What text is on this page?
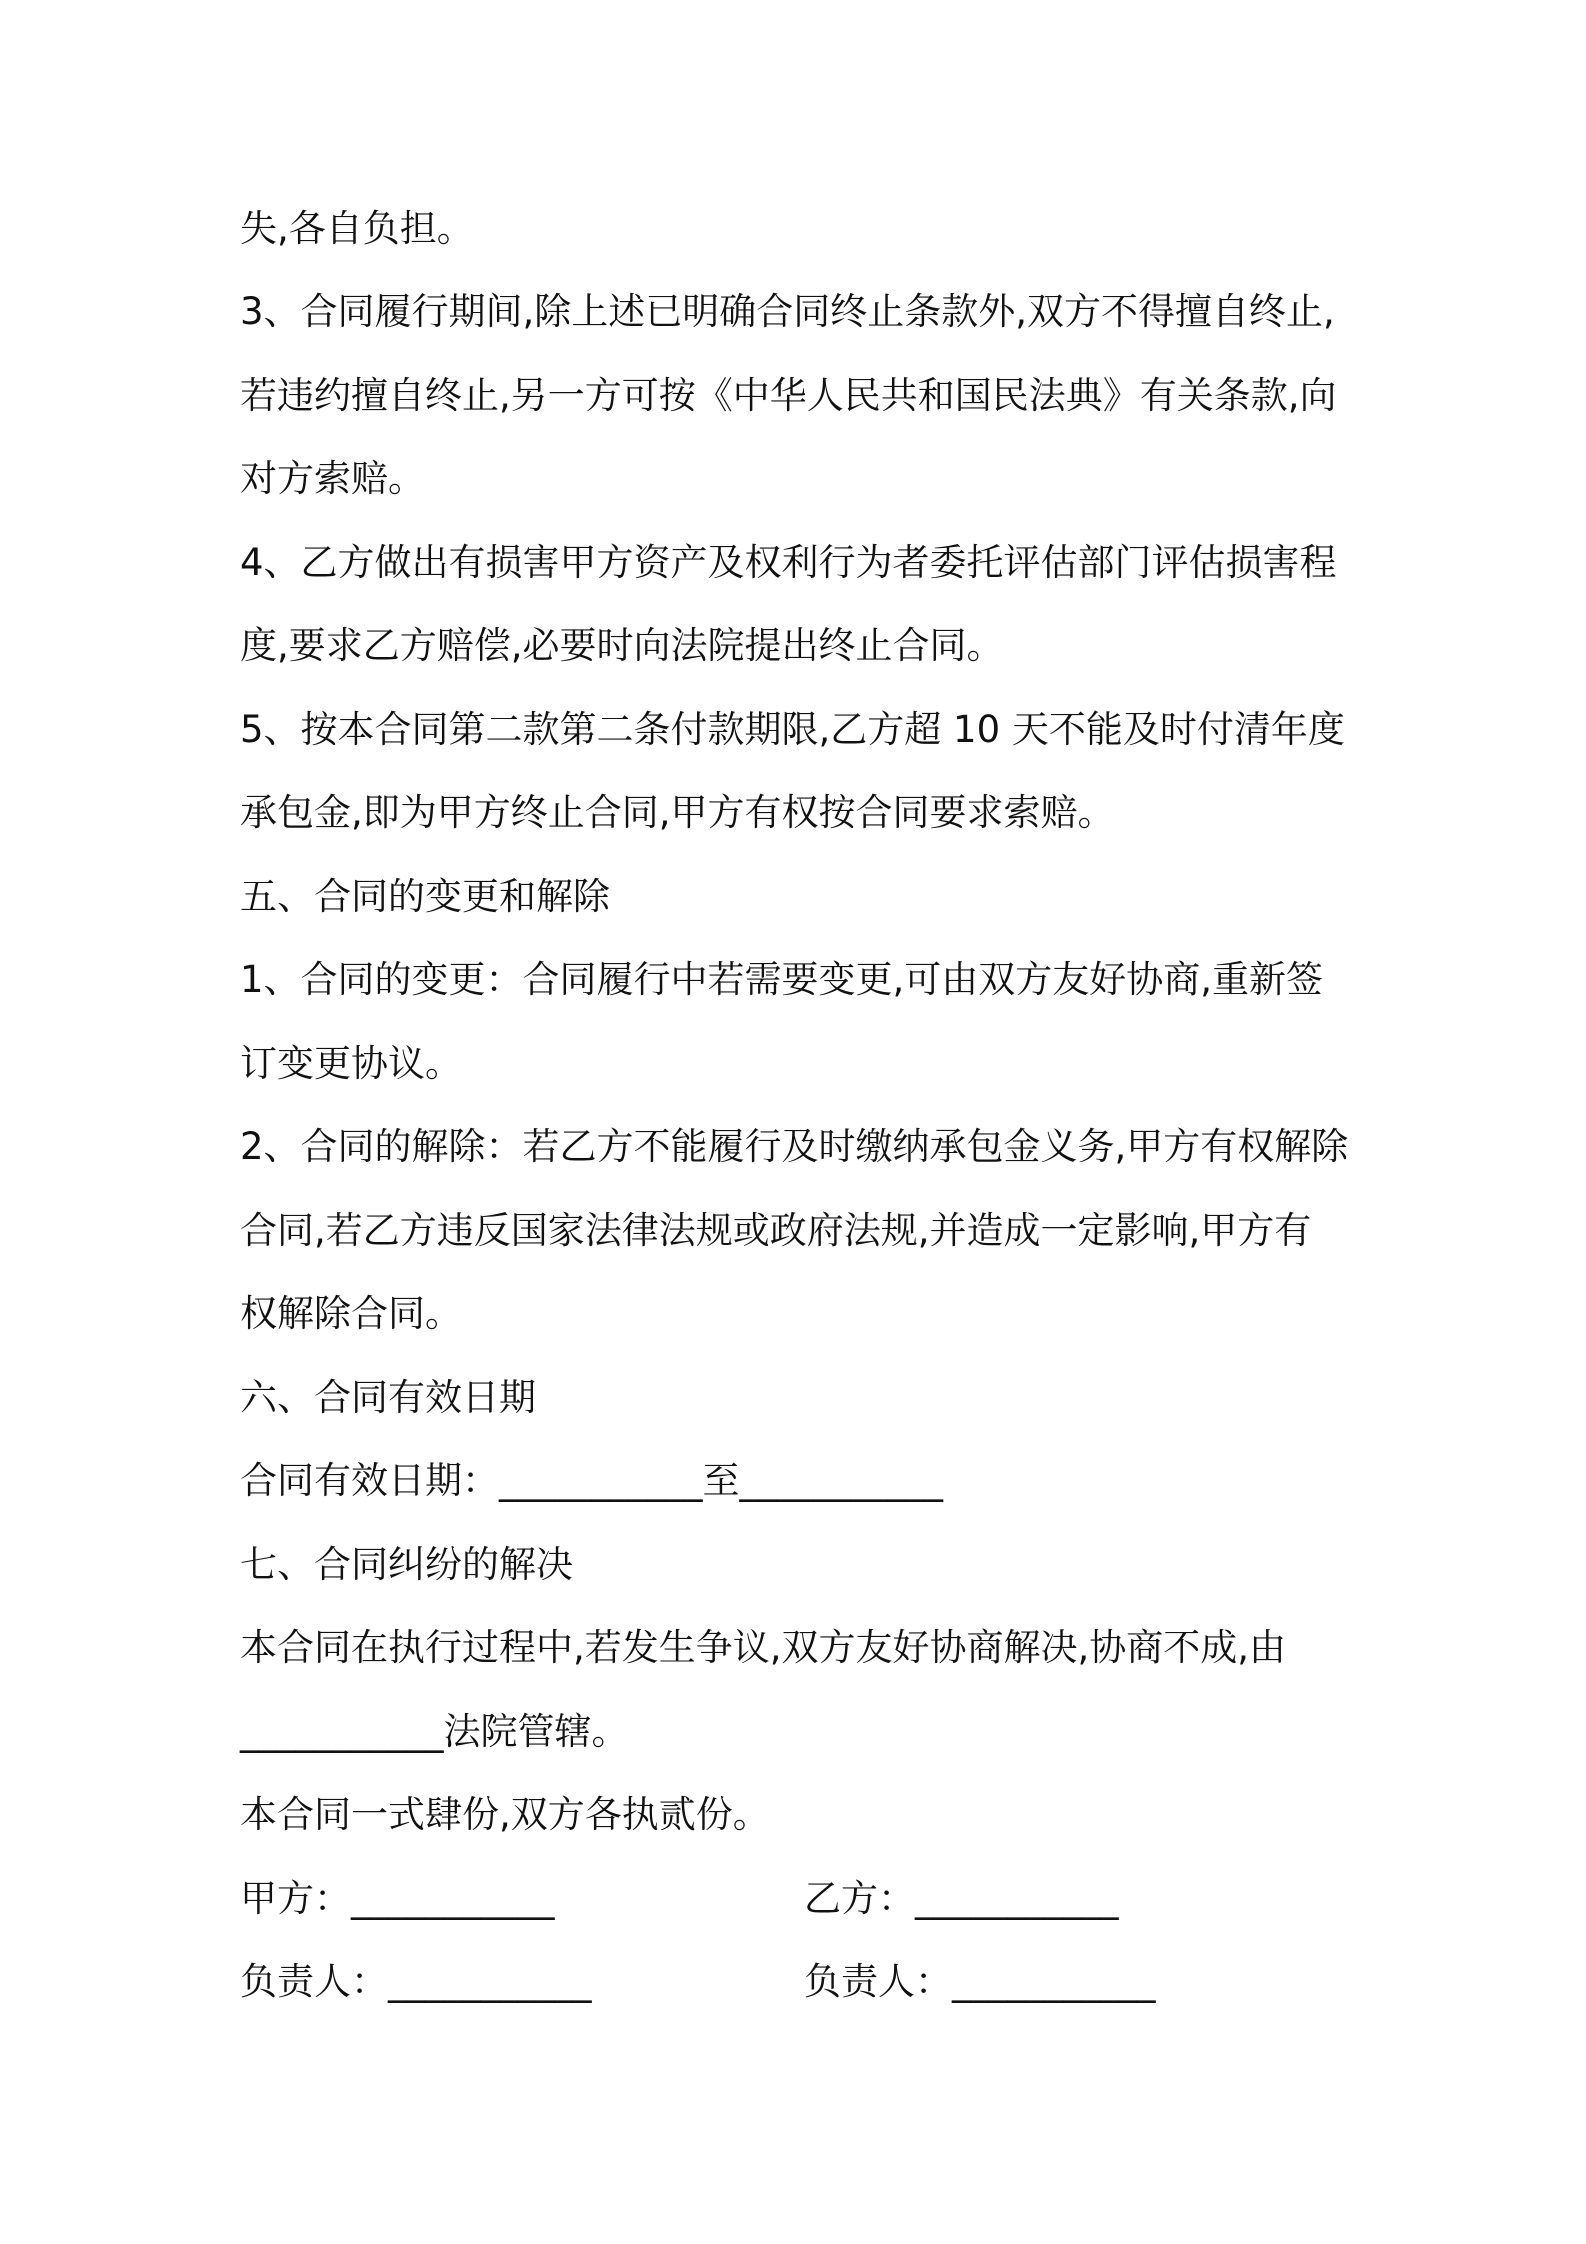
失,各自负担。

3、合同履行期间,除上述已明确合同终止条款外,双方不得擅自终止,

若违约擅自终止,另一方可按《中华人民共和国民法典》有关条款,向

对方索赔。

4、乙方做出有损害甲方资产及权利行为者委托评估部门评估损害程

度,要求乙方赔偿,必要时向法院提出终止合同。

5、按本合同第二款第二条付款期限,乙方超 10 天不能及时付清年度

承包金,即为甲方终止合同,甲方有权按合同要求索赔。

五、合同的变更和解除

1、合同的变更：合同履行中若需要变更,可由双方友好协商,重新签

订变更协议。

2、合同的解除：若乙方不能履行及时缴纳承包金义务,甲方有权解除

合同,若乙方违反国家法律法规或政府法规,并造成一定影响,甲方有

权解除合同。

六、合同有效日期

合同有效日期：___________至___________

七、合同纠纷的解决

本合同在执行过程中,若发生争议,双方友好协商解决,协商不成,由

___________法院管辖。

本合同一式肆份,双方各执贰份。

甲方：___________	乙方：___________

负责人：___________	负责人：___________
